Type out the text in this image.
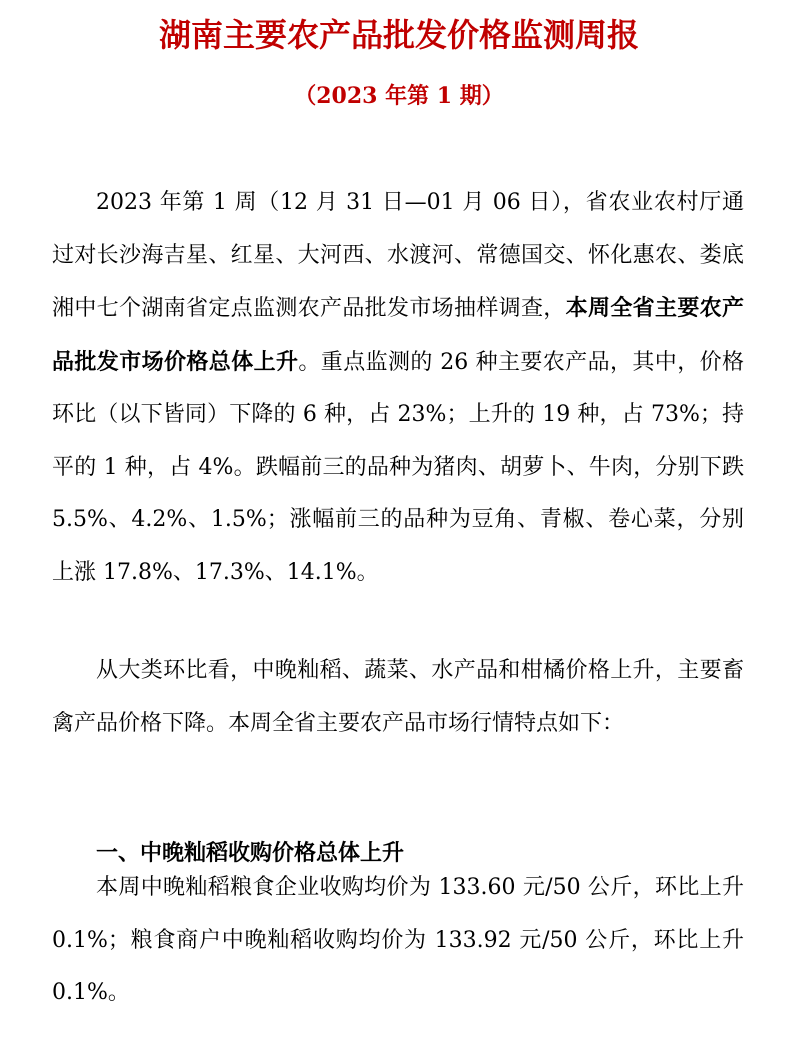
湖南主要农产品批发价格监测周报
（2023 年第 1 期）

2023 年第 1 周（12 月 31 日—01 月 06 日），省农业农村厅通过对长沙海吉星、红星、大河西、水渡河、常德国交、怀化惠农、娄底湘中七个湖南省定点监测农产品批发市场抽样调查，本周全省主要农产品批发市场价格总体上升。重点监测的 26 种主要农产品，其中，价格环比（以下皆同）下降的 6 种，占 23%；上升的 19 种，占 73%；持平的 1 种，占 4%。跌幅前三的品种为猪肉、胡萝卜、牛肉，分别下跌 5.5%、4.2%、1.5%；涨幅前三的品种为豆角、青椒、卷心菜，分别上涨 17.8%、17.3%、14.1%。

从大类环比看，中晚籼稻、蔬菜、水产品和柑橘价格上升，主要畜禽产品价格下降。本周全省主要农产品市场行情特点如下：

一、中晚籼稻收购价格总体上升

本周中晚籼稻粮食企业收购均价为 133.60 元/50 公斤，环比上升 0.1%；粮食商户中晚籼稻收购均价为 133.92 元/50 公斤，环比上升 0.1%。
